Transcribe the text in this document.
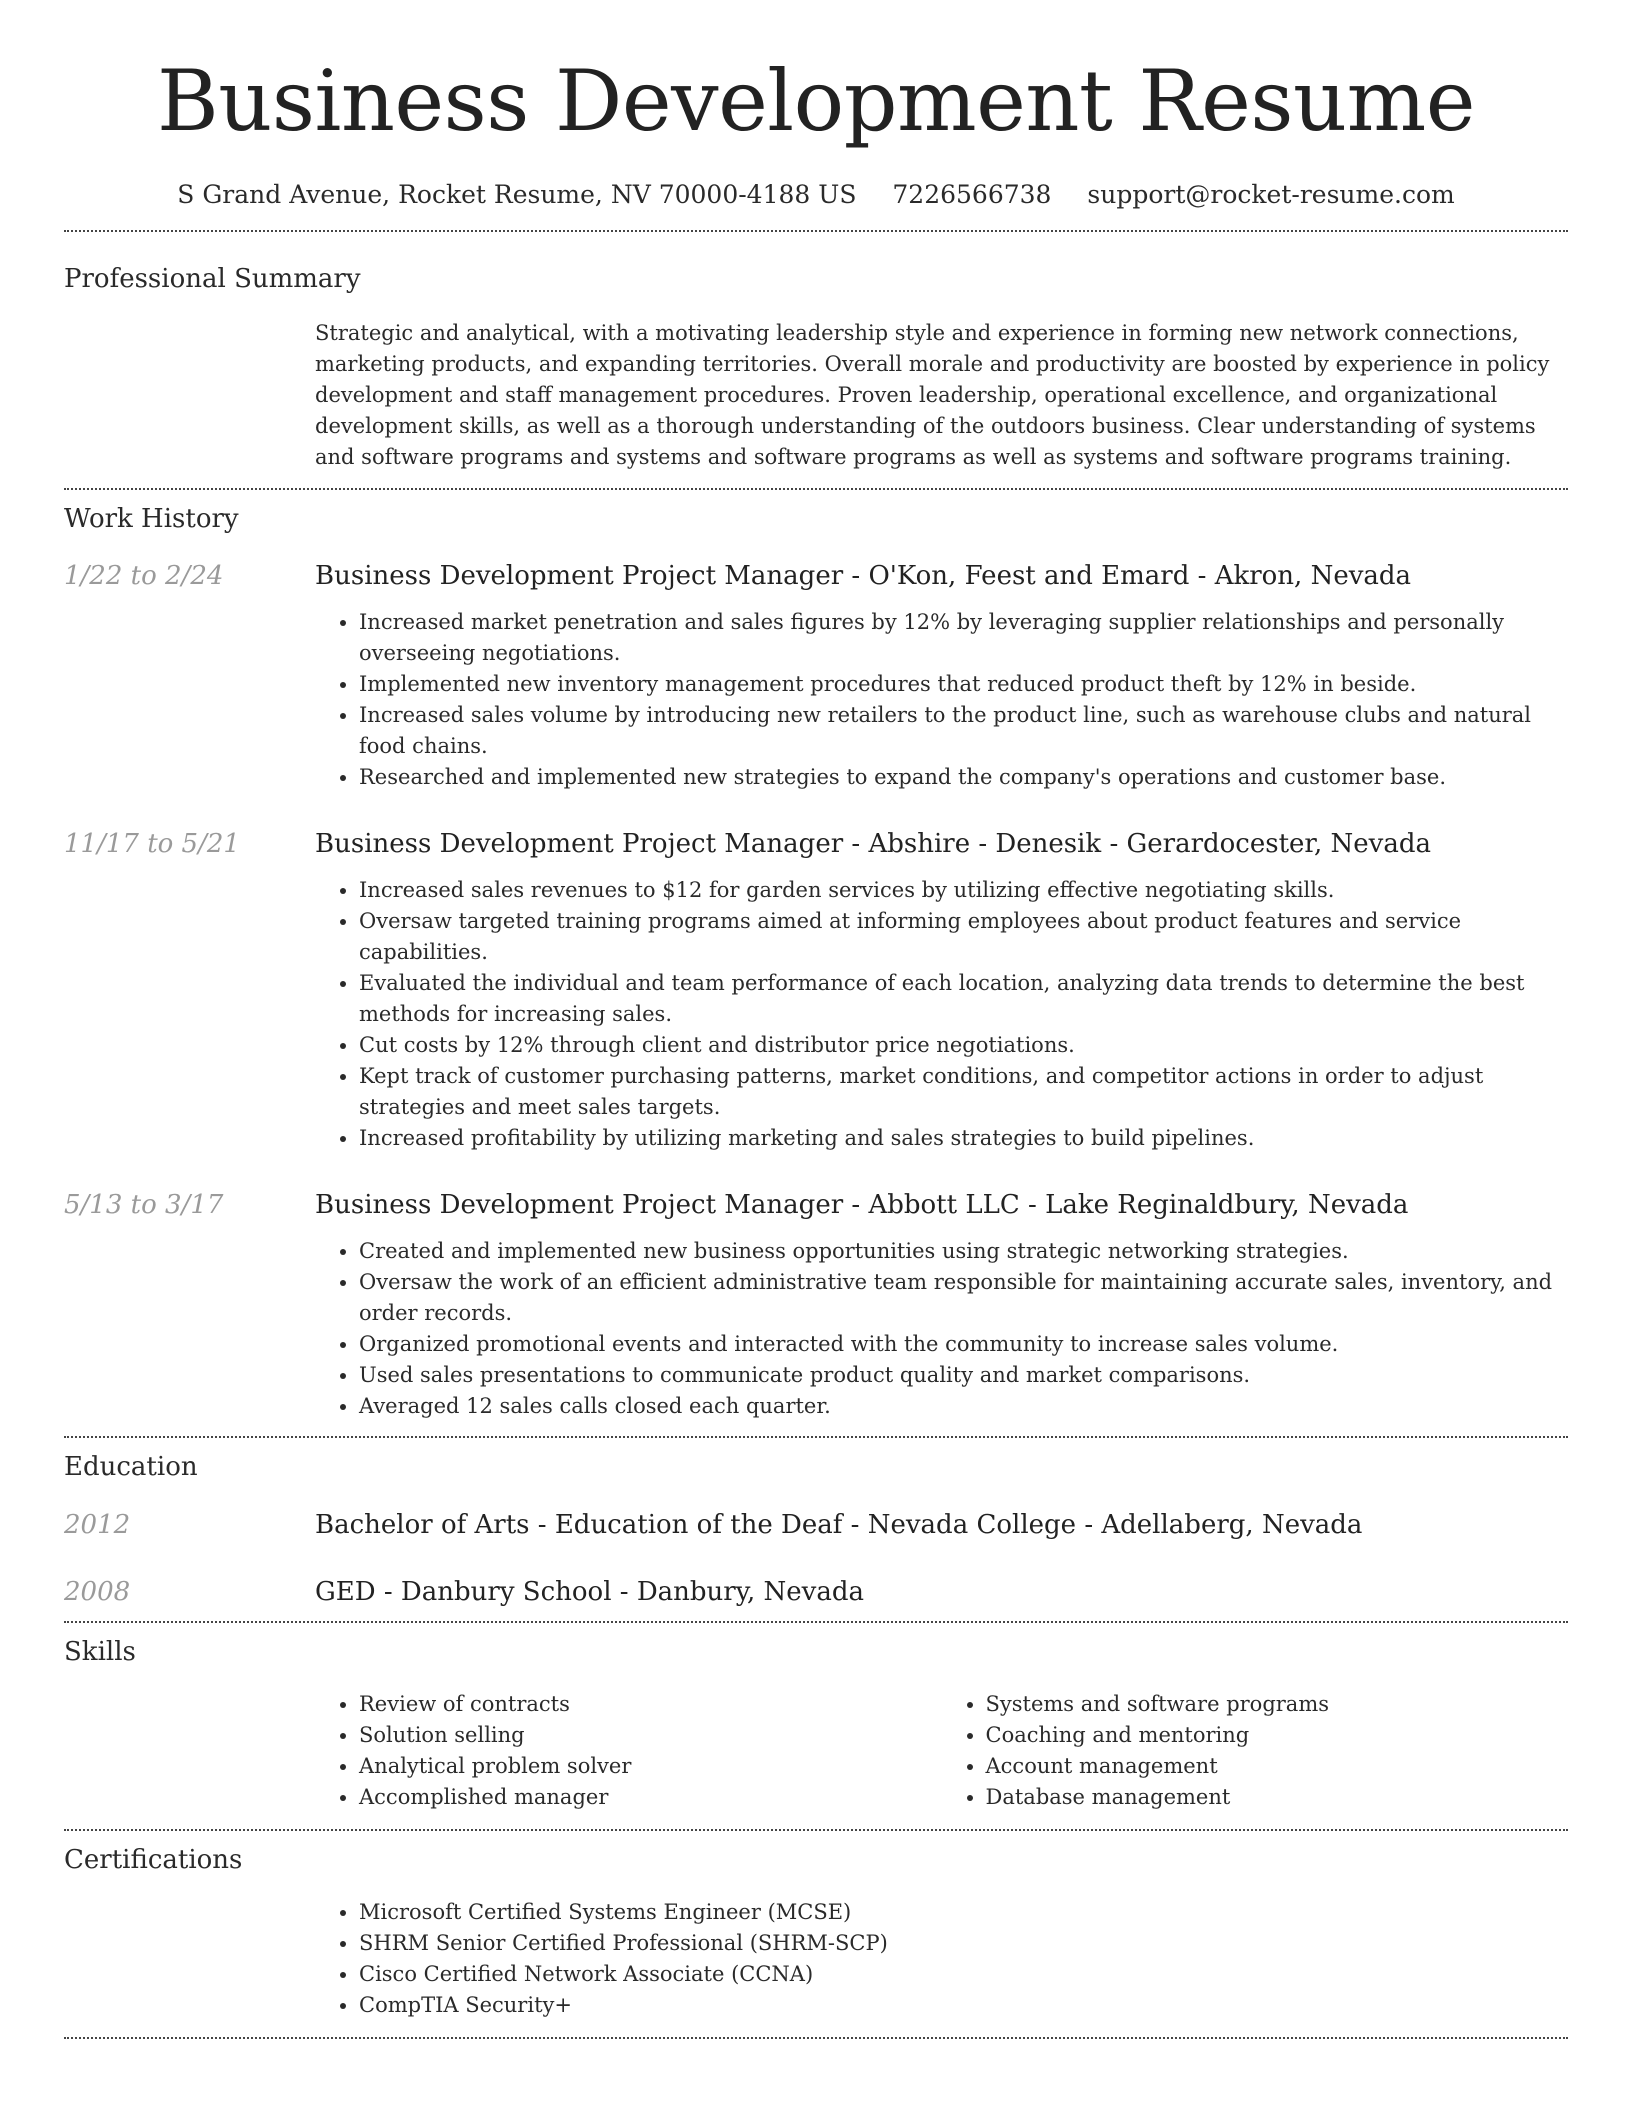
Business Development Resume
S Grand Avenue, Rocket Resume, NV 70000-4188 US 7226566738 support@rocket-resume.com
Professional Summary

Strategic and analytical, with a motivating leadership style and experience in forming new network connections, marketing products, and expanding territories. Overall morale and productivity are boosted by experience in policy development and staff management procedures. Proven leadership, operational excellence, and organizational development skills, as well as a thorough understanding of the outdoors business. Clear understanding of systems and software programs and systems and software programs as well as systems and software programs training.

Work History
1/22 to 2/24	Business Development Project Manager - O'Kon, Feest and Emard - Akron, Nevada
• Increased market penetration and sales figures by 12% by leveraging supplier relationships and personally overseeing negotiations.
• Implemented new inventory management procedures that reduced product theft by 12% in beside.
• Increased sales volume by introducing new retailers to the product line, such as warehouse clubs and natural food chains.
• Researched and implemented new strategies to expand the company's operations and customer base.
11/17 to 5/21	Business Development Project Manager - Abshire - Denesik - Gerardocester, Nevada
• Increased sales revenues to $12 for garden services by utilizing effective negotiating skills.
• Oversaw targeted training programs aimed at informing employees about product features and service capabilities.
• Evaluated the individual and team performance of each location, analyzing data trends to determine the best methods for increasing sales.
• Cut costs by 12% through client and distributor price negotiations.
• Kept track of customer purchasing patterns, market conditions, and competitor actions in order to adjust strategies and meet sales targets.
• Increased profitability by utilizing marketing and sales strategies to build pipelines.
5/13 to 3/17	Business Development Project Manager - Abbott LLC - Lake Reginaldbury, Nevada
• Created and implemented new business opportunities using strategic networking strategies.
• Oversaw the work of an efficient administrative team responsible for maintaining accurate sales, inventory, and order records.
• Organized promotional events and interacted with the community to increase sales volume.
• Used sales presentations to communicate product quality and market comparisons.
• Averaged 12 sales calls closed each quarter.
Education
2012	Bachelor of Arts - Education of the Deaf - Nevada College - Adellaberg, Nevada
2008	GED - Danbury School - Danbury, Nevada
Skills
• Review of contracts
• Solution selling
• Analytical problem solver
• Accomplished manager
• Systems and software programs
• Coaching and mentoring
• Account management
• Database management
Certifications
• Microsoft Certified Systems Engineer (MCSE)
• SHRM Senior Certified Professional (SHRM-SCP)
• Cisco Certified Network Associate (CCNA)
• CompTIA Security+
